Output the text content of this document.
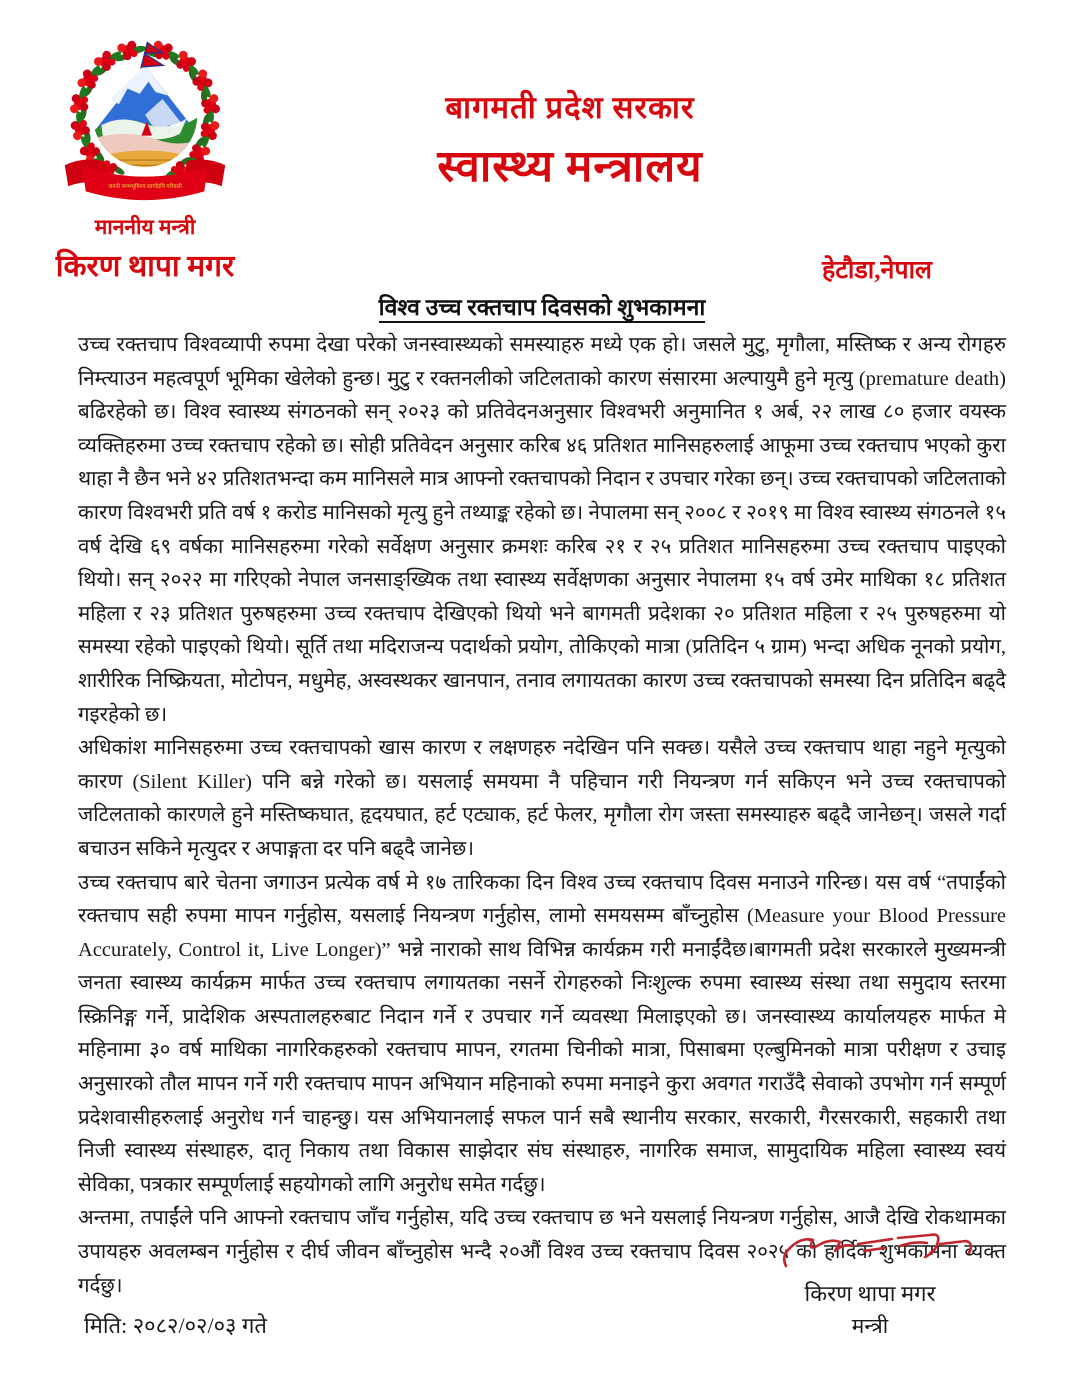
जननी जन्मभूमिश्च स्वर्गादपि गरीयसी
बागमती प्रदेश सरकार
स्वास्थ्य मन्त्रालय
माननीय मन्त्री
किरण थापा मगर	हेटौडा,नेपाल
विश्व उच्च रक्तचाप दिवसको शुभकामना

उच्च रक्तचाप विश्वव्यापी रुपमा देखा परेको जनस्वास्थ्यको समस्याहरु मध्ये एक हो। जसले मुटु, मृगौला, मस्तिष्क र अन्य रोगहरु निम्त्याउन महत्वपूर्ण भूमिका खेलेको हुन्छ। मुटु र रक्तनलीको जटिलताको कारण संसारमा अल्पायुमै हुने मृत्यु (premature death) बढिरहेको छ। विश्व स्वास्थ्य संगठनको सन् २०२३ को प्रतिवेदनअनुसार विश्वभरी अनुमानित १ अर्ब, २२ लाख ८० हजार वयस्क व्यक्तिहरुमा उच्च रक्तचाप रहेको छ। सोही प्रतिवेदन अनुसार करिब ४६ प्रतिशत मानिसहरुलाई आफूमा उच्च रक्तचाप भएको कुरा थाहा नै छैन भने ४२ प्रतिशतभन्दा कम मानिसले मात्र आफ्नो रक्तचापको निदान र उपचार गरेका छन्। उच्च रक्तचापको जटिलताको कारण विश्वभरी प्रति वर्ष १ करोड मानिसको मृत्यु हुने तथ्याङ्क रहेको छ। नेपालमा सन् २००८ र २०१९ मा विश्व स्वास्थ्य संगठनले १५ वर्ष देखि ६९ वर्षका मानिसहरुमा गरेको सर्वेक्षण अनुसार क्रमशः करिब २१ र २५ प्रतिशत मानिसहरुमा उच्च रक्तचाप पाइएको थियो। सन् २०२२ मा गरिएको नेपाल जनसाङ्ख्यिक तथा स्वास्थ्य सर्वेक्षणका अनुसार नेपालमा १५ वर्ष उमेर माथिका १८ प्रतिशत महिला र २३ प्रतिशत पुरुषहरुमा उच्च रक्तचाप देखिएको थियो भने बागमती प्रदेशका २० प्रतिशत महिला र २५ पुरुषहरुमा यो समस्या रहेको पाइएको थियो। सूर्ति तथा मदिराजन्य पदार्थको प्रयोग, तोकिएको मात्रा (प्रतिदिन ५ ग्राम) भन्दा अधिक नूनको प्रयोग, शारीरिक निष्क्रियता, मोटोपन, मधुमेह, अस्वस्थकर खानपान, तनाव लगायतका कारण उच्च रक्तचापको समस्या दिन प्रतिदिन बढ्दै गइरहेको छ।

अधिकांश मानिसहरुमा उच्च रक्तचापको खास कारण र लक्षणहरु नदेखिन पनि सक्छ। यसैले उच्च रक्तचाप थाहा नहुने मृत्युको कारण (Silent Killer) पनि बन्ने गरेको छ। यसलाई समयमा नै पहिचान गरी नियन्त्रण गर्न सकिएन भने उच्च रक्तचापको जटिलताको कारणले हुने मस्तिष्कघात, हृदयघात, हर्ट एट्याक, हर्ट फेलर, मृगौला रोग जस्ता समस्याहरु बढ्दै जानेछन्। जसले गर्दा बचाउन सकिने मृत्युदर र अपाङ्गता दर पनि बढ्दै जानेछ।

उच्च रक्तचाप बारे चेतना जगाउन प्रत्येक वर्ष मे १७ तारिकका दिन विश्व उच्च रक्तचाप दिवस मनाउने गरिन्छ। यस वर्ष “तपाईंको रक्तचाप सही रुपमा मापन गर्नुहोस, यसलाई नियन्त्रण गर्नुहोस, लामो समयसम्म बाँच्नुहोस (Measure your Blood Pressure Accurately, Control it, Live Longer)” भन्ने नाराको साथ विभिन्न कार्यक्रम गरी मनाईंदैछ।बागमती प्रदेश सरकारले मुख्यमन्त्री जनता स्वास्थ्य कार्यक्रम मार्फत उच्च रक्तचाप लगायतका नसर्ने रोगहरुको निःशुल्क रुपमा स्वास्थ्य संस्था तथा समुदाय स्तरमा स्क्रिनिङ्ग गर्ने, प्रादेशिक अस्पतालहरुबाट निदान गर्ने र उपचार गर्ने व्यवस्था मिलाइएको छ। जनस्वास्थ्य कार्यालयहरु मार्फत मे महिनामा ३० वर्ष माथिका नागरिकहरुको रक्तचाप मापन, रगतमा चिनीको मात्रा, पिसाबमा एल्बुमिनको मात्रा परीक्षण र उचाइ अनुसारको तौल मापन गर्ने गरी रक्तचाप मापन अभियान महिनाको रुपमा मनाइने कुरा अवगत गराउँदै सेवाको उपभोग गर्न सम्पूर्ण प्रदेशवासीहरुलाई अनुरोध गर्न चाहन्छु। यस अभियानलाई सफल पार्न सबै स्थानीय सरकार, सरकारी, गैरसरकारी, सहकारी तथा निजी स्वास्थ्य संस्थाहरु, दातृ निकाय तथा विकास साझेदार संघ संस्थाहरु, नागरिक समाज, सामुदायिक महिला स्वास्थ्य स्वयं सेविका, पत्रकार सम्पूर्णलाई सहयोगको लागि अनुरोध समेत गर्दछु।

अन्तमा, तपाईंले पनि आफ्नो रक्तचाप जाँच गर्नुहोस, यदि उच्च रक्तचाप छ भने यसलाई नियन्त्रण गर्नुहोस, आजै देखि रोकथामका उपायहरु अवलम्बन गर्नुहोस र दीर्घ जीवन बाँच्नुहोस भन्दै २०औं विश्व उच्च रक्तचाप दिवस २०२५ को हार्दिक शुभकामना व्यक्त गर्दछु।	किरण थापा मगर
मिति: २०८२/०२/०३ गते	मन्त्री
